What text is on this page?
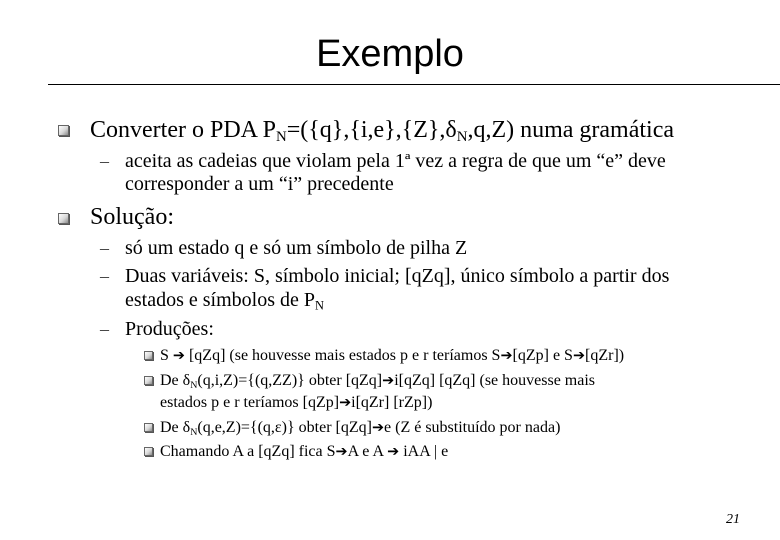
Exemplo
Converter o PDA $P_N=(\{q\},\{i,e\},\{Z\},\delta_N,q,Z)$ numa gramática
– aceita as cadeias que violam pela 1ª vez a regra de que um “e” deve
corresponder a um “i” precedente
Solução:
– só um estado q e só um símbolo de pilha Z
– Duas variáveis: S, símbolo inicial; [qZq], único símbolo a partir dos
estados e símbolos de $P_N$
– Produções:
S ➔ [qZq] (se houvesse mais estados p e r teríamos S➔[qZp] e S➔[qZr])
De $\delta_N(q,i,Z)=\{(q,ZZ)\}$ obter [qZq]➔i[qZq] [qZq] (se houvesse mais
estados p e r teríamos [qZp]➔i[qZr] [rZp])
De $\delta_N(q,e,Z)=\{(q,\varepsilon)\}$ obter [qZq]➔e (Z é substituído por nada)
Chamando A a [qZq] fica S➔A e A ➔ iAA | e
21
